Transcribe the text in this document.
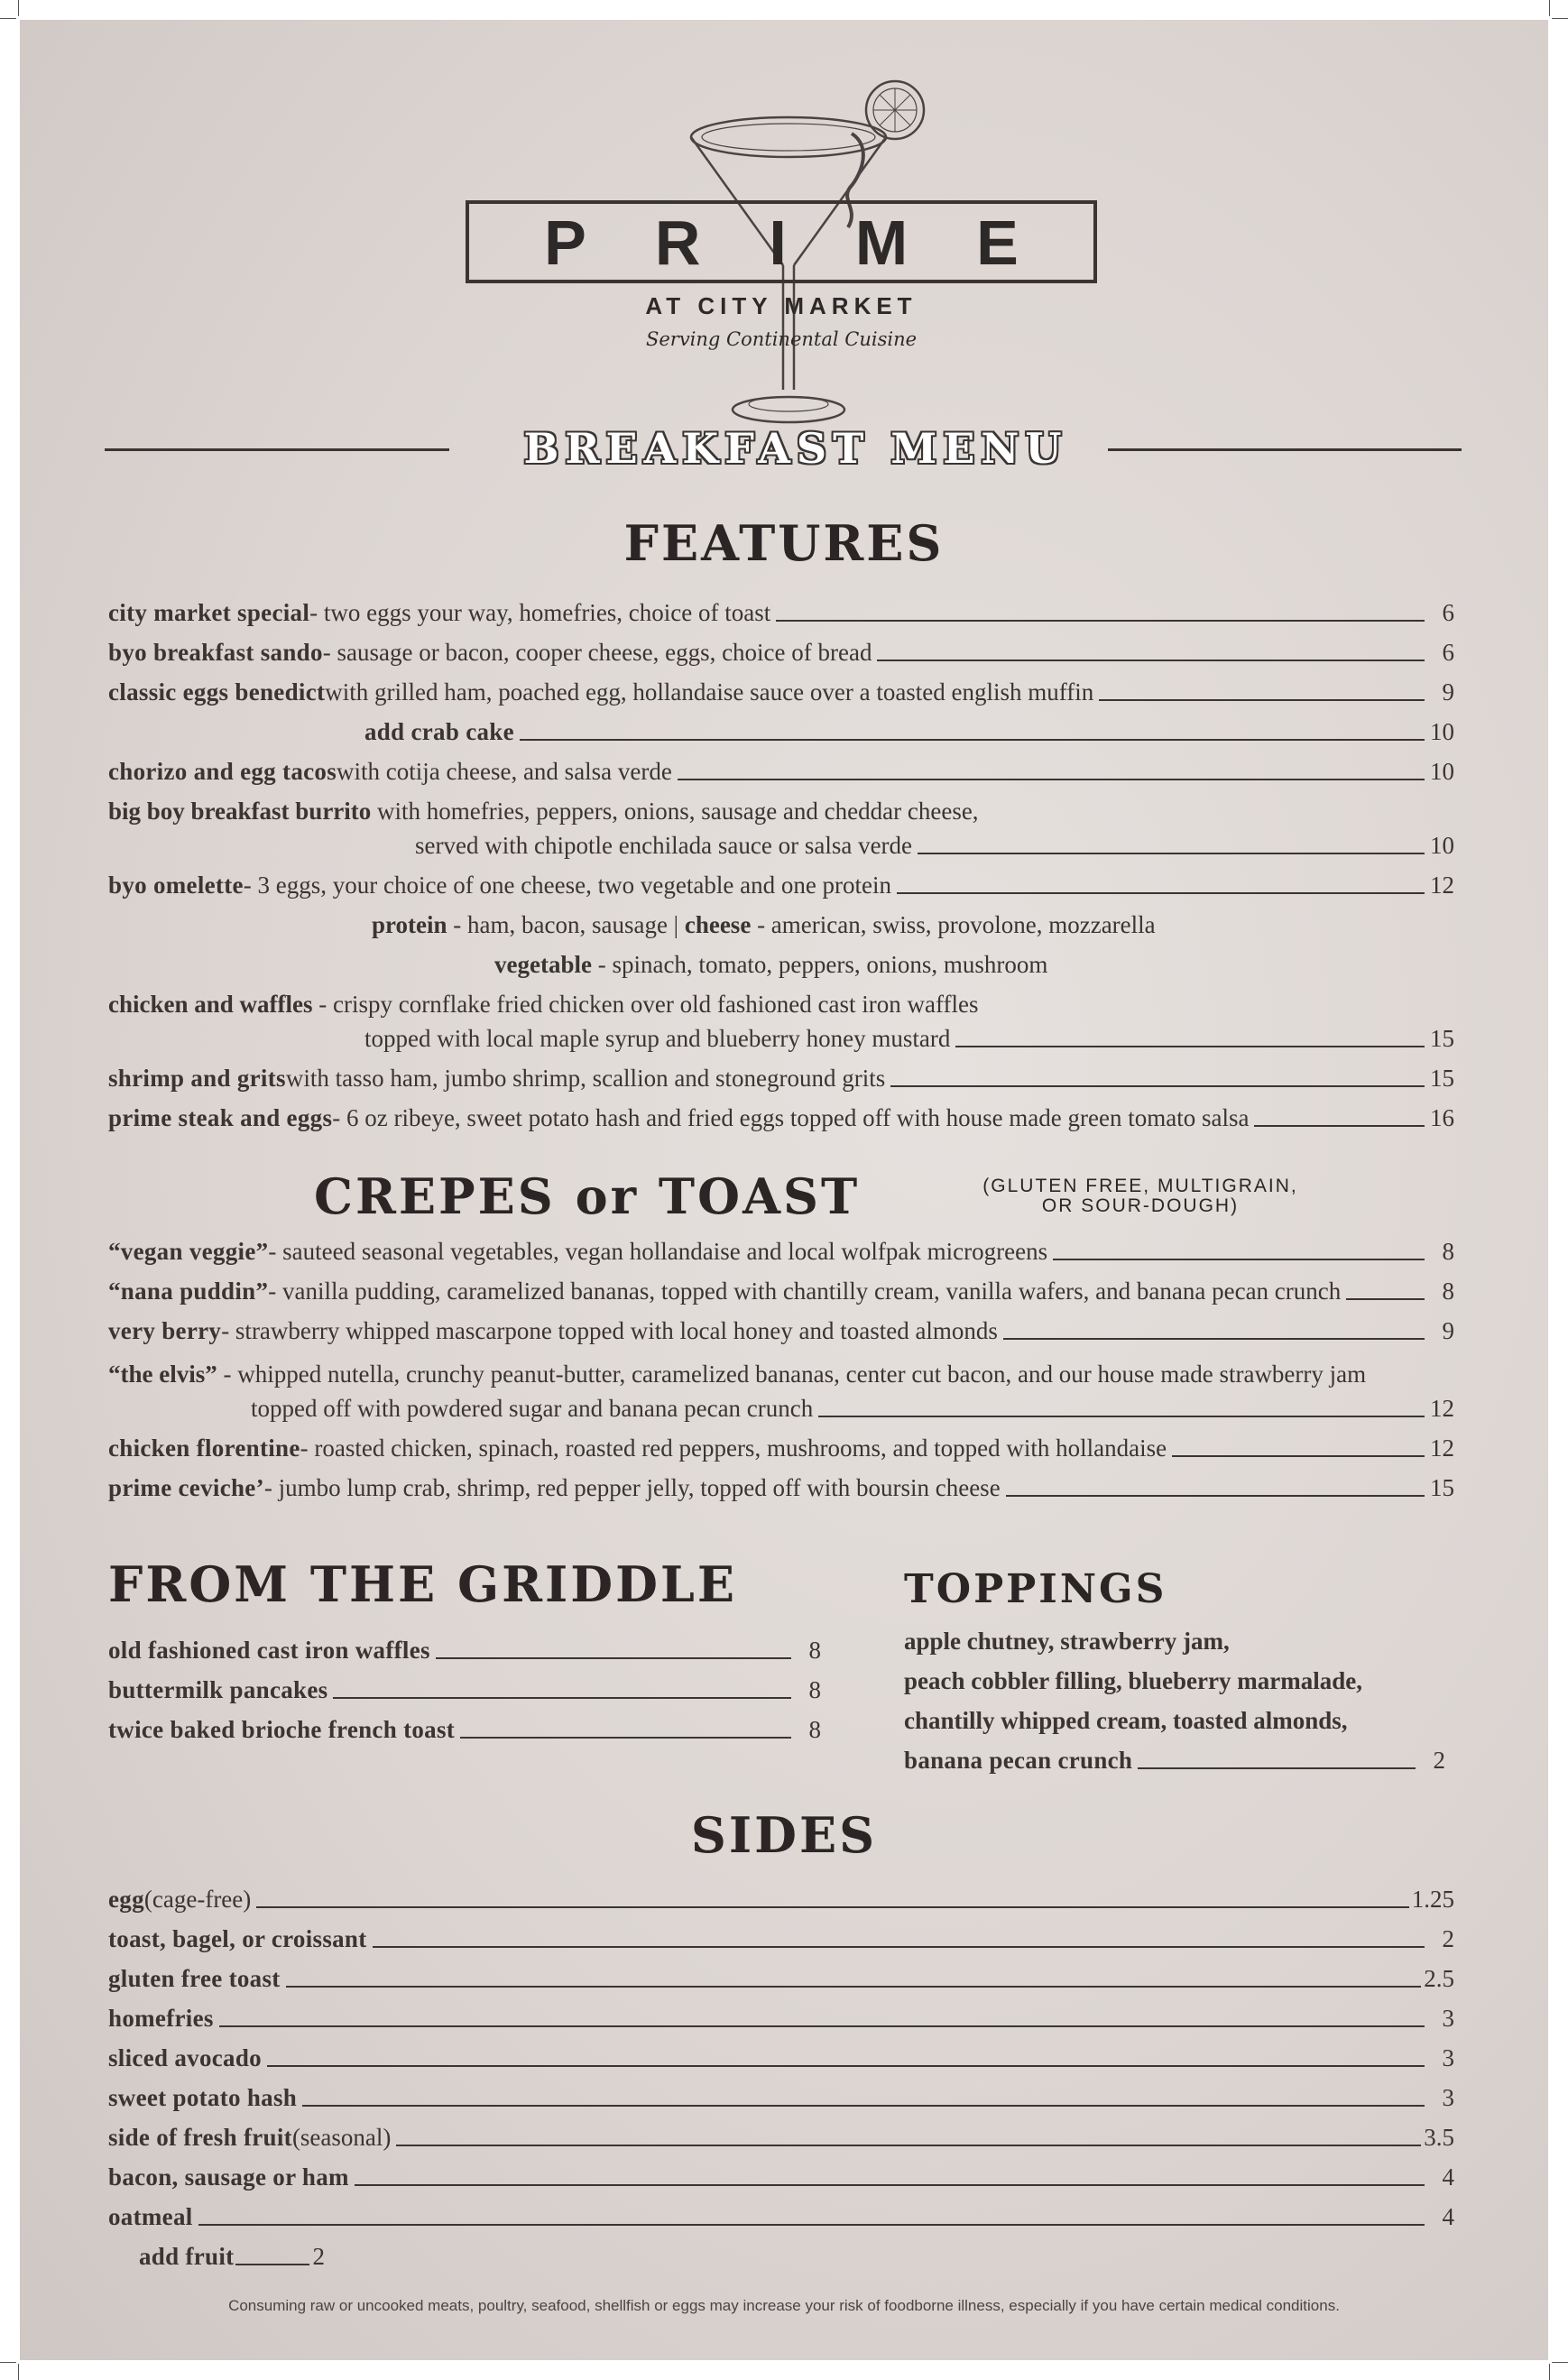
PRIME
AT CITY MARKET
Serving Continental Cuisine
BREAKFAST MENU
FEATURES
city market special - two eggs your way, homefries, choice of toast	6
byo breakfast sando - sausage or bacon, cooper cheese, eggs, choice of bread	6
classic eggs benedict with grilled ham, poached egg, hollandaise sauce over a toasted english muffin	9
add crab cake	10
chorizo and egg tacos with cotija cheese, and salsa verde	10
big boy breakfast burrito with homefries, peppers, onions, sausage and cheddar cheese,
served with chipotle enchilada sauce or salsa verde	10
byo omelette - 3 eggs, your choice of one cheese, two vegetable and one protein	12
protein - ham, bacon, sausage | cheese - american, swiss, provolone, mozzarella
vegetable - spinach, tomato, peppers, onions, mushroom
chicken and waffles - crispy cornflake fried chicken over old fashioned cast iron waffles
topped with local maple syrup and blueberry honey mustard	15
shrimp and grits with tasso ham, jumbo shrimp, scallion and stoneground grits	15
prime steak and eggs - 6 oz ribeye, sweet potato hash and fried eggs topped off with house made green tomato salsa	16
CREPES or TOAST	(GLUTEN FREE, MULTIGRAIN,
OR SOUR-DOUGH)
“vegan veggie” - sauteed seasonal vegetables, vegan hollandaise and local wolfpak microgreens	8
“nana puddin” - vanilla pudding, caramelized bananas, topped with chantilly cream, vanilla wafers, and banana pecan crunch	8
very berry - strawberry whipped mascarpone topped with local honey and toasted almonds	9
“the elvis” - whipped nutella, crunchy peanut-butter, caramelized bananas, center cut bacon, and our house made strawberry jam
topped off with powdered sugar and banana pecan crunch	12
chicken florentine - roasted chicken, spinach, roasted red peppers, mushrooms, and topped with hollandaise	12
prime ceviche’ - jumbo lump crab, shrimp, red pepper jelly, topped off with boursin cheese	15
FROM THE GRIDDLE
old fashioned cast iron waffles	8
buttermilk pancakes	8
twice baked brioche french toast	8
TOPPINGS
apple chutney, strawberry jam,
peach cobbler filling, blueberry marmalade,
chantilly whipped cream, toasted almonds,
banana pecan crunch	2
SIDES
egg (cage-free)	1.25
toast, bagel, or croissant	2
gluten free toast	2.5
homefries	3
sliced avocado	3
sweet potato hash	3
side of fresh fruit (seasonal)	3.5
bacon, sausage or ham	4
oatmeal	4
add fruit	2
Consuming raw or uncooked meats, poultry, seafood, shellfish or eggs may increase your risk of foodborne illness, especially if you have certain medical conditions.
